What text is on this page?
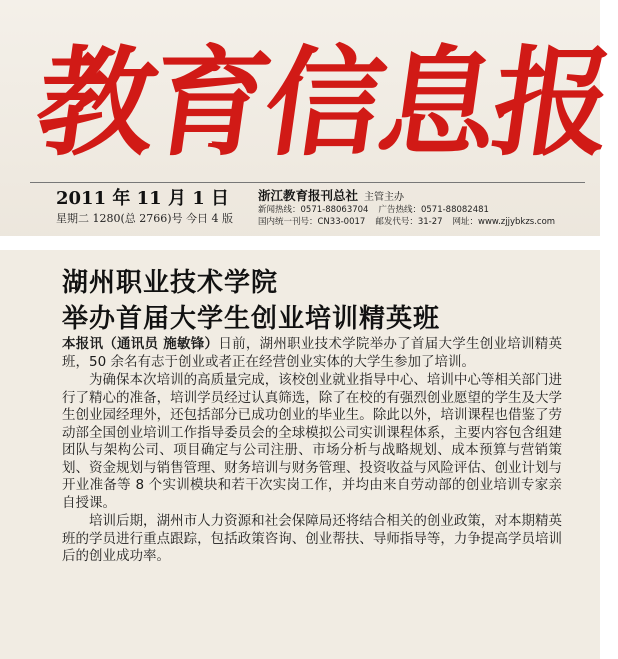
教
育
信
息
报
2011 年 11 月 1 日
星期二 1280(总 2766)号 今日 4 版
浙江教育报刊总社 主管主办
新闻热线：0571-88063704 广告热线：0571-88082481
国内统一刊号：CN33-0017 邮发代号：31-27 网址：www.zjjybkzs.com
湖州职业技术学院
举办首届大学生创业培训精英班

本报讯（通讯员 施敏锋）日前，湖州职业技术学院举办了首届大学生创业培训精英班，50 余名有志于创业或者正在经营创业实体的大学生参加了培训。

为确保本次培训的高质量完成，该校创业就业指导中心、培训中心等相关部门进行了精心的准备，培训学员经过认真筛选，除了在校的有强烈创业愿望的学生及大学生创业园经理外，还包括部分已成功创业的毕业生。除此以外，培训课程也借鉴了劳动部全国创业培训工作指导委员会的全球模拟公司实训课程体系，主要内容包含组建团队与架构公司、项目确定与公司注册、市场分析与战略规划、成本预算与营销策划、资金规划与销售管理、财务培训与财务管理、投资收益与风险评估、创业计划与开业准备等 8 个实训模块和若干次实岗工作，并均由来自劳动部的创业培训专家亲自授课。

培训后期，湖州市人力资源和社会保障局还将结合相关的创业政策，对本期精英班的学员进行重点跟踪，包括政策咨询、创业帮扶、导师指导等，力争提高学员培训后的创业成功率。
